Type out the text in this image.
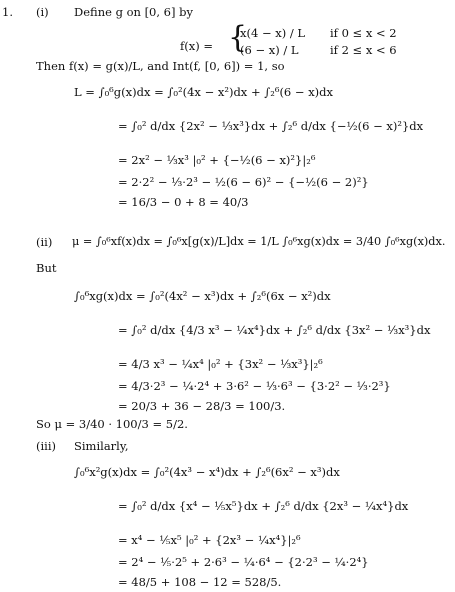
1. (i) Define g on [0, 6] by
f(x) = {
x(4 − x) / L if 0 ≤ x < 2
(6 − x) / L	if 2 ≤ x < 6
Then f(x) = g(x)/L, and Int(f, [0, 6]) = 1, so
L = ∫₀⁶g(x)dx = ∫₀²(4x − x²)dx + ∫₂⁶(6 − x)dx
= ∫₀² d/dx {2x² − ⅓x³}dx + ∫₂⁶ d/dx {−½(6 − x)²}dx
= 2x² − ⅓x³ |₀² + {−½(6 − x)²}|₂⁶
= 2·2² − ⅓·2³ − ½(6 − 6)² − {−½(6 − 2)²}
= 16/3 − 0 + 8 = 40/3
(ii) μ = ∫₀⁶xf(x)dx = ∫₀⁶x[g(x)/L]dx = 1/L ∫₀⁶xg(x)dx = 3/40 ∫₀⁶xg(x)dx.
But
∫₀⁶xg(x)dx = ∫₀²(4x² − x³)dx + ∫₂⁶(6x − x²)dx
= ∫₀² d/dx {4/3 x³ − ¼x⁴}dx + ∫₂⁶ d/dx {3x² − ⅓x³}dx
= 4/3 x³ − ¼x⁴ |₀² + {3x² − ⅓x³}|₂⁶
= 4/3·2³ − ¼·2⁴ + 3·6² − ⅓·6³ − {3·2² − ⅓·2³}
= 20/3 + 36 − 28/3 = 100/3.
So μ = 3/40 · 100/3 = 5/2.
(iii) Similarly,
∫₀⁶x²g(x)dx = ∫₀²(4x³ − x⁴)dx + ∫₂⁶(6x² − x³)dx
= ∫₀² d/dx {x⁴ − ⅕x⁵}dx + ∫₂⁶ d/dx {2x³ − ¼x⁴}dx
= x⁴ − ⅕x⁵ |₀² + {2x³ − ¼x⁴}|₂⁶
= 2⁴ − ⅕·2⁵ + 2·6³ − ¼·6⁴ − {2·2³ − ¼·2⁴}
= 48/5 + 108 − 12 = 528/5.
